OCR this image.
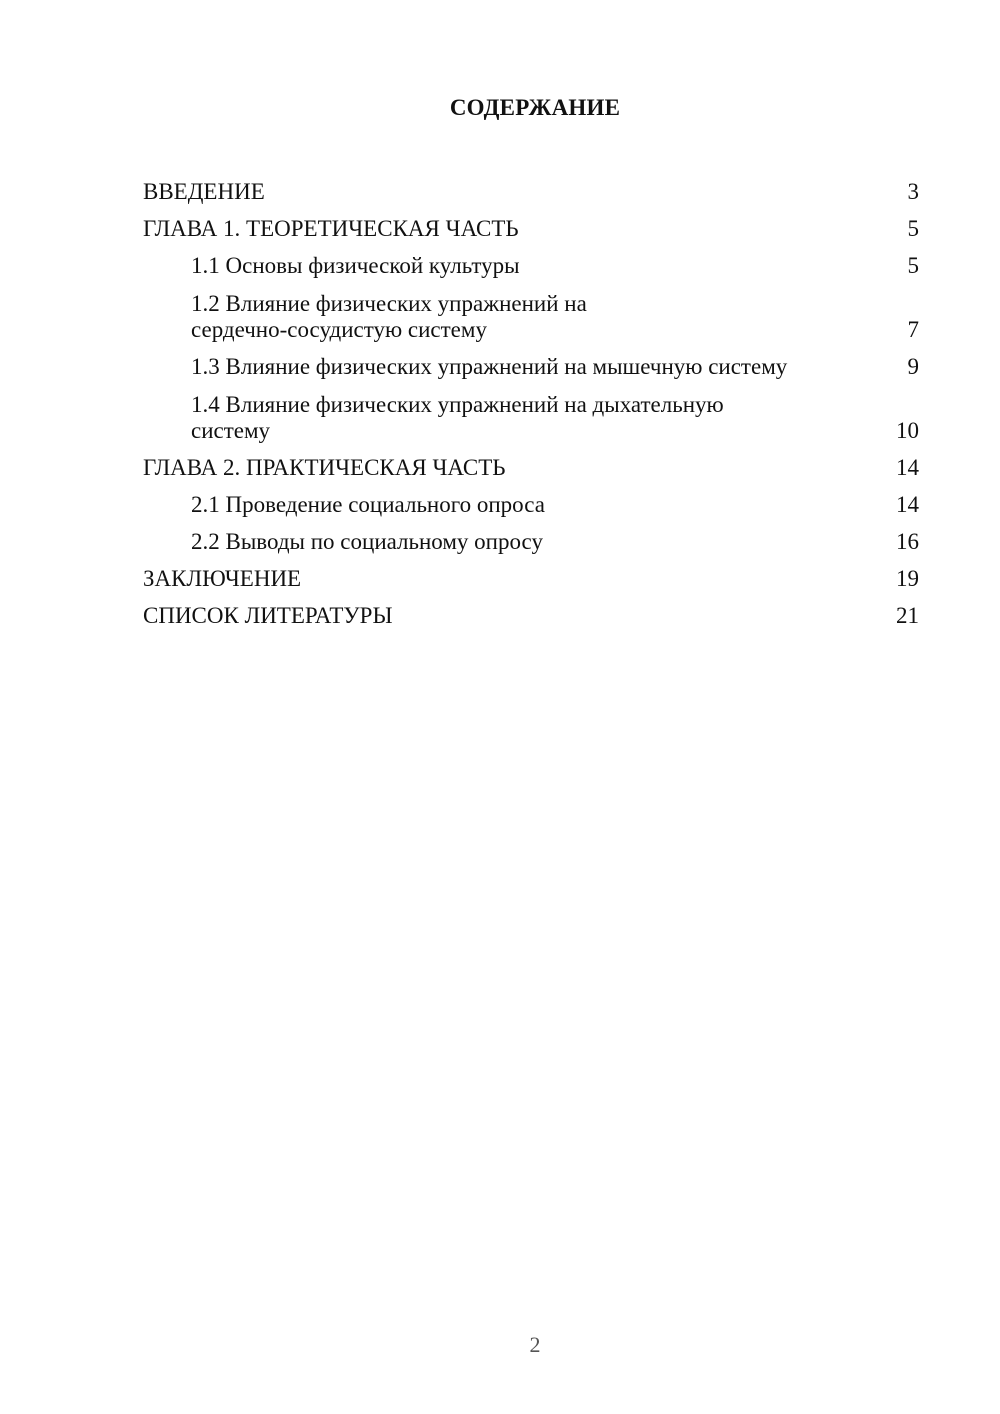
СОДЕРЖАНИЕ
ВВЕДЕНИЕ	3
ГЛАВА 1. ТЕОРЕТИЧЕСКАЯ ЧАСТЬ	5
1.1 Основы физической культуры	5
1.2 Влияние физических упражнений на
сердечно-сосудистую систему	7
1.3 Влияние физических упражнений на мышечную систему	9
1.4 Влияние физических упражнений на дыхательную
систему	10
ГЛАВА 2. ПРАКТИЧЕСКАЯ ЧАСТЬ	14
2.1 Проведение социального опроса	14
2.2 Выводы по социальному опросу	16
ЗАКЛЮЧЕНИЕ	19
СПИСОК ЛИТЕРАТУРЫ	21
2
